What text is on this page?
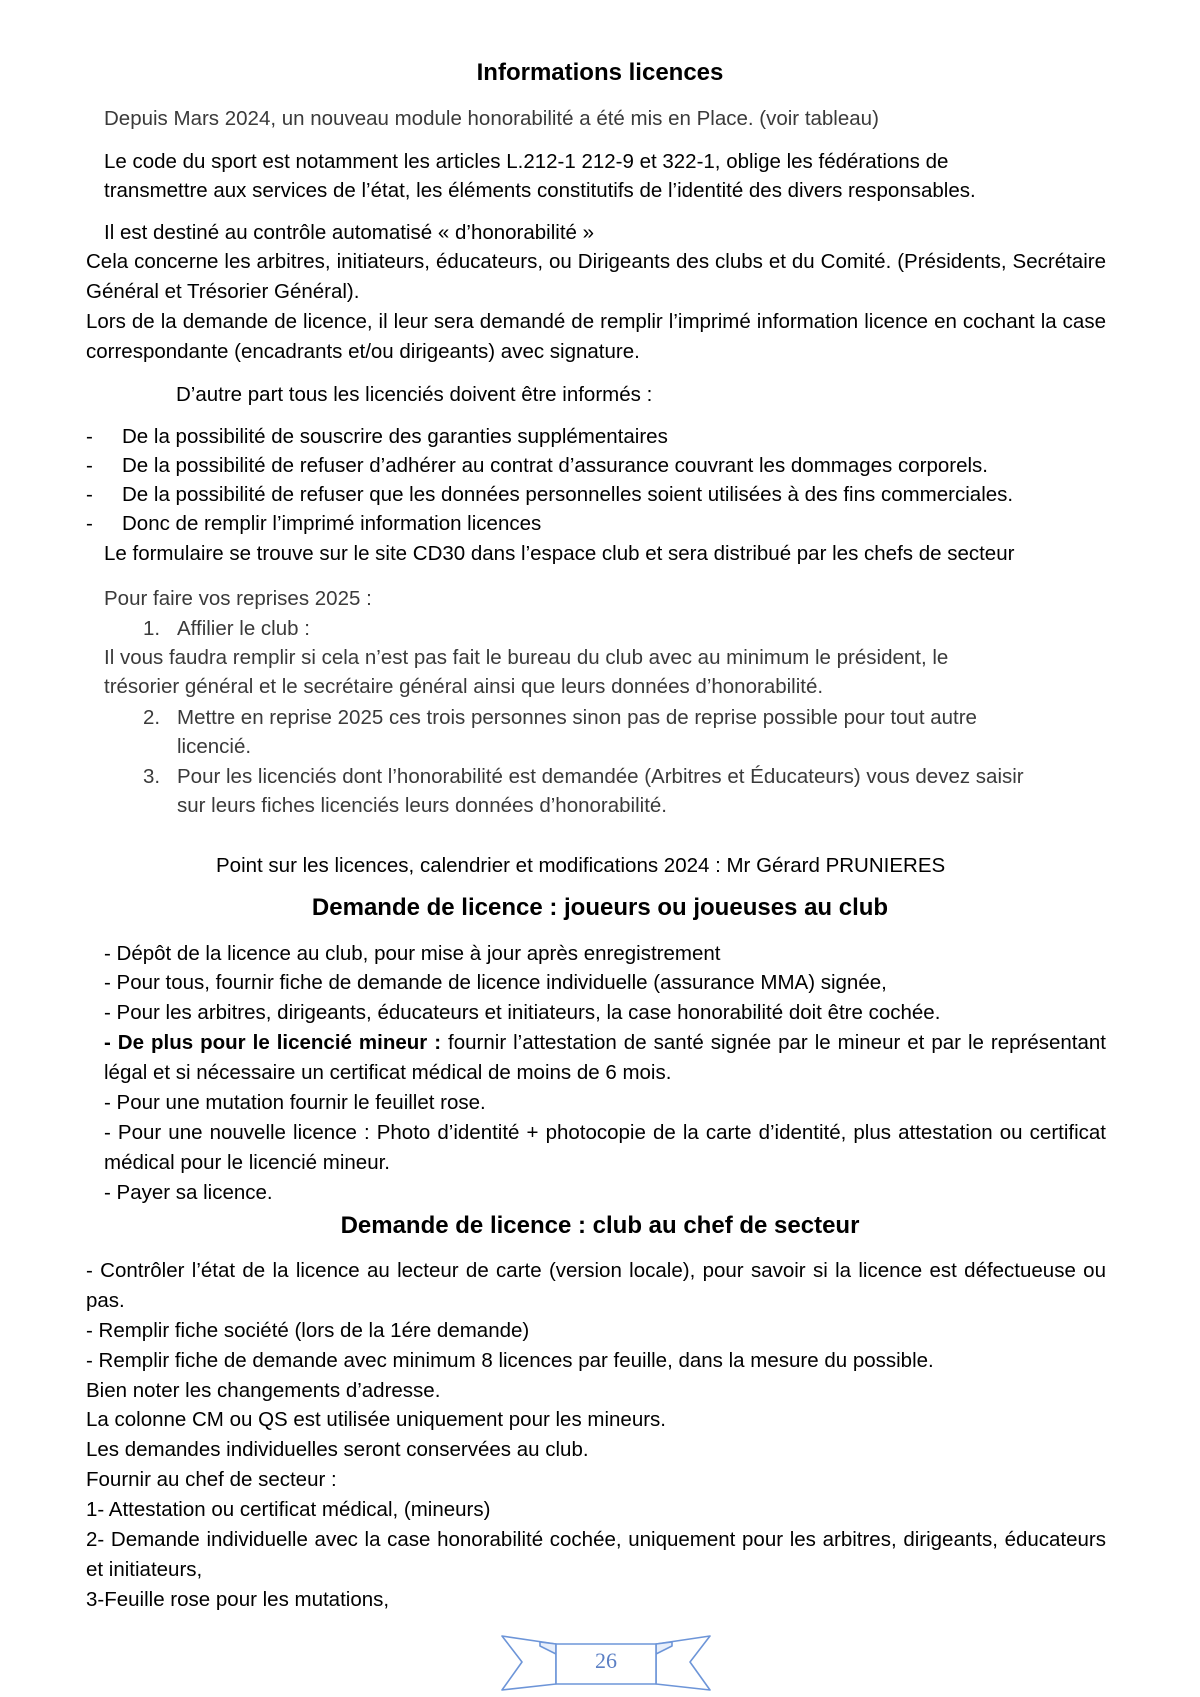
Informations licences
Depuis Mars 2024, un nouveau module honorabilité a été mis en Place. (voir tableau)
Le code du sport est notamment les articles L.212-1 212-9 et 322-1, oblige les fédérations de
transmettre aux services de l’état, les éléments constitutifs de l’identité des divers responsables.
Il est destiné au contrôle automatisé « d’honorabilité »
Cela concerne les arbitres, initiateurs, éducateurs, ou Dirigeants des clubs et du Comité. (Présidents, Secrétaire Général et Trésorier Général).
Lors de la demande de licence, il leur sera demandé de remplir l’imprimé information licence en cochant la case correspondante (encadrants et/ou dirigeants) avec signature.
D’autre part tous les licenciés doivent être informés :
- De la possibilité de souscrire des garanties supplémentaires
- De la possibilité de refuser d’adhérer au contrat d’assurance couvrant les dommages corporels.
- De la possibilité de refuser que les données personnelles soient utilisées à des fins commerciales.
- Donc de remplir l’imprimé information licences
Le formulaire se trouve sur le site CD30 dans l’espace club et sera distribué par les chefs de secteur
Pour faire vos reprises 2025 :
1. Affilier le club :
Il vous faudra remplir si cela n’est pas fait le bureau du club avec au minimum le président, le
trésorier général et le secrétaire général ainsi que leurs données d’honorabilité.
2. Mettre en reprise 2025 ces trois personnes sinon pas de reprise possible pour tout autre
licencié.
3. Pour les licenciés dont l’honorabilité est demandée (Arbitres et Éducateurs) vous devez saisir
sur leurs fiches licenciés leurs données d’honorabilité.
Point sur les licences, calendrier et modifications 2024 : Mr Gérard PRUNIERES
Demande de licence : joueurs ou joueuses au club
- Dépôt de la licence au club, pour mise à jour après enregistrement
- Pour tous, fournir fiche de demande de licence individuelle (assurance MMA) signée,
- Pour les arbitres, dirigeants, éducateurs et initiateurs, la case honorabilité doit être cochée.
- De plus pour le licencié mineur : fournir l’attestation de santé signée par le mineur et par le représentant légal et si nécessaire un certificat médical de moins de 6 mois.
- Pour une mutation fournir le feuillet rose.
- Pour une nouvelle licence : Photo d’identité + photocopie de la carte d’identité, plus attestation ou certificat médical pour le licencié mineur.
- Payer sa licence.
Demande de licence : club au chef de secteur
- Contrôler l’état de la licence au lecteur de carte (version locale), pour savoir si la licence est défectueuse ou pas.
- Remplir fiche société (lors de la 1ére demande)
- Remplir fiche de demande avec minimum 8 licences par feuille, dans la mesure du possible.
Bien noter les changements d’adresse.
La colonne CM ou QS est utilisée uniquement pour les mineurs.
Les demandes individuelles seront conservées au club.
Fournir au chef de secteur :
1- Attestation ou certificat médical, (mineurs)
2- Demande individuelle avec la case honorabilité cochée, uniquement pour les arbitres, dirigeants, éducateurs et initiateurs,
3-Feuille rose pour les mutations,
26
